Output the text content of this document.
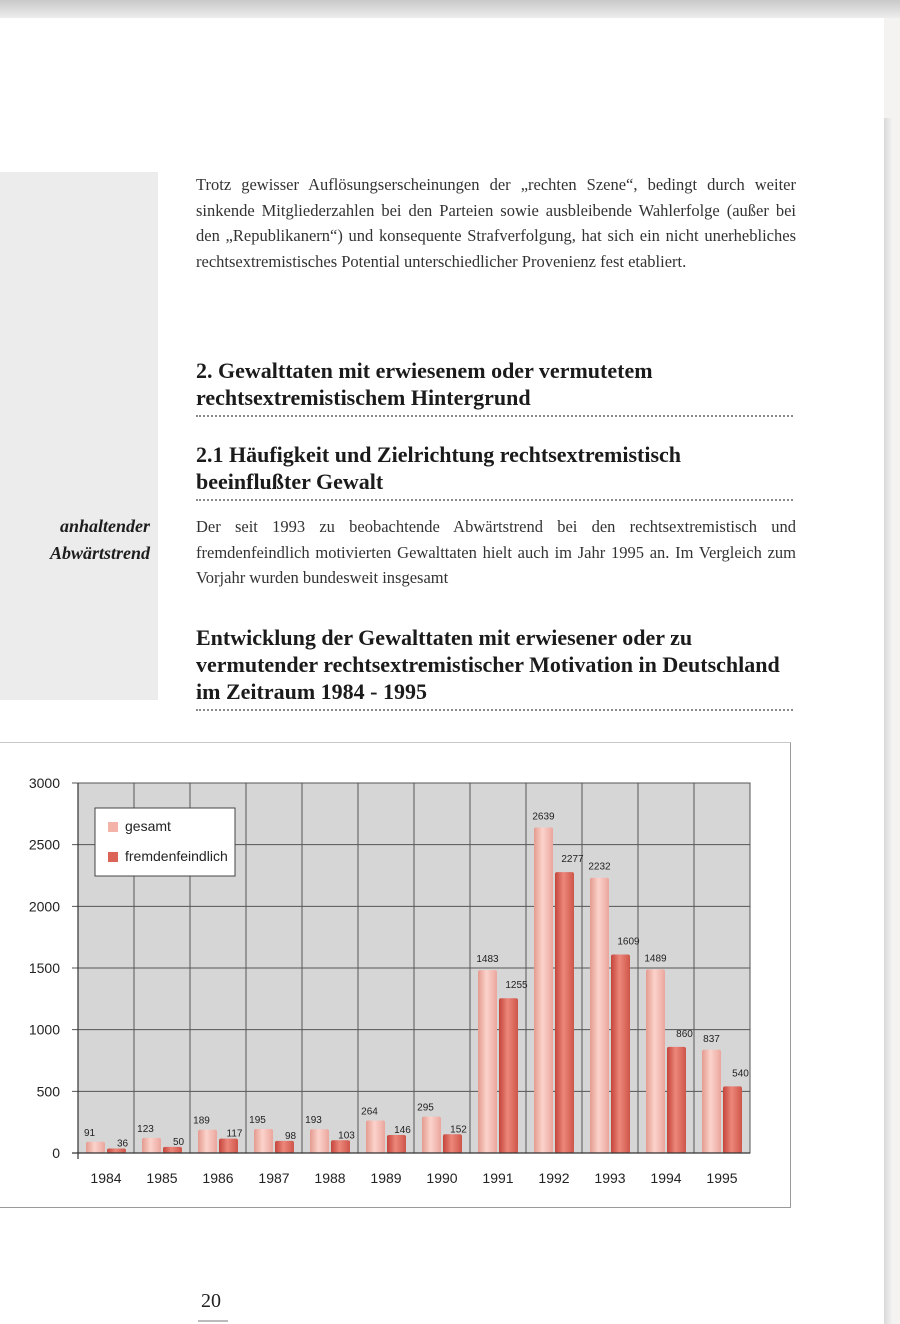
anhaltender
Abwärtstrend

Trotz gewisser Auflösungserscheinungen der „rechten Szene“, bedingt durch weiter sinkende Mitgliederzahlen bei den Parteien sowie ausbleibende Wahlerfolge (außer bei den „Republikanern“) und konsequente Strafverfolgung, hat sich ein nicht unerhebliches rechtsextremistisches Potential unterschiedlicher Provenienz fest etabliert.

2. Gewalttaten mit erwiesenem oder vermutetem rechtsextremistischem Hintergrund
2.1 Häufigkeit und Zielrichtung rechtsextremistisch beeinflußter Gewalt

Der seit 1993 zu beobachtende Abwärtstrend bei den rechtsextremistisch und fremdenfeindlich motivierten Gewalttaten hielt auch im Jahr 1995 an. Im Vergleich zum Vorjahr wurden bundesweit insgesamt

Entwicklung der Gewalttaten mit erwiesener oder zu vermutender rechtsextremistischer Motivation in Deutschland im Zeitraum 1984 - 1995
0
500
1000
1500
2000
2500
3000
91
36
1984
123
50
1985
189
117
1986
195
98
1987
193
103
1988
264
146
1989
295
152
1990
1483
1255
1991
2639
2277
1992
2232
1609
1993
1489
860
1994
837
540
1995
gesamt
fremdenfeindlich
20
